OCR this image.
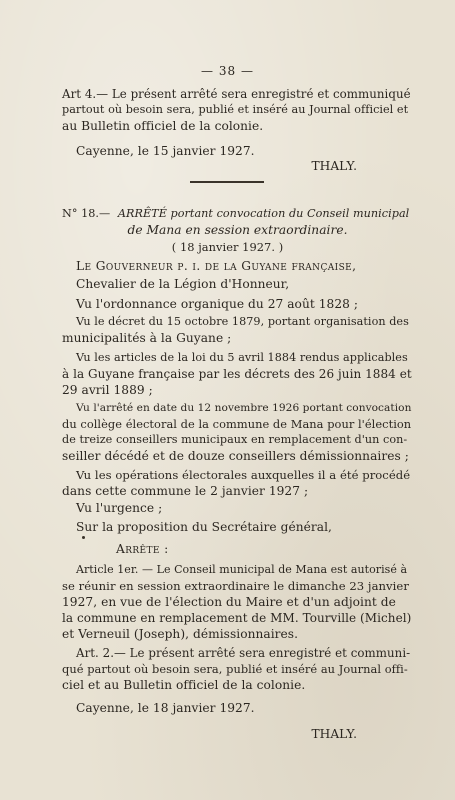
— 38 —
Art 4.— Le présent arrêté sera enregistré et communiqué
partout où besoin sera, publié et inséré au Journal officiel et
au Bulletin officiel de la colonie.
Cayenne, le 15 janvier 1927.
THALY.
N° 18.— ARRÊTÉ portant convocation du Conseil municipal
de Mana en session extraordinaire.
( 18 janvier 1927. )
Le Gouverneur p. i. de la Guyane française,
Chevalier de la Légion d'Honneur,
Vu l'ordonnance organique du 27 août 1828 ;
Vu le décret du 15 octobre 1879, portant organisation des
municipalités à la Guyane ;
Vu les articles de la loi du 5 avril 1884 rendus applicables
à la Guyane française par les décrets des 26 juin 1884 et
29 avril 1889 ;
Vu l'arrêté en date du 12 novembre 1926 portant convocation
du collège électoral de la commune de Mana pour l'élection
de treize conseillers municipaux en remplacement d'un con-
seiller décédé et de douze conseillers démissionnaires ;
Vu les opérations électorales auxquelles il a été procédé
dans cette commune le 2 janvier 1927 ;
Vu l'urgence ;
Sur la proposition du Secrétaire général,
Arrête :
Article 1er. — Le Conseil municipal de Mana est autorisé à
se réunir en session extraordinaire le dimanche 23 janvier
1927, en vue de l'élection du Maire et d'un adjoint de
la commune en remplacement de MM. Tourville (Michel)
et Verneuil (Joseph), démissionnaires.
Art. 2.— Le présent arrêté sera enregistré et communi-
qué partout où besoin sera, publié et inséré au Journal offi-
ciel et au Bulletin officiel de la colonie.
Cayenne, le 18 janvier 1927.
THALY.
